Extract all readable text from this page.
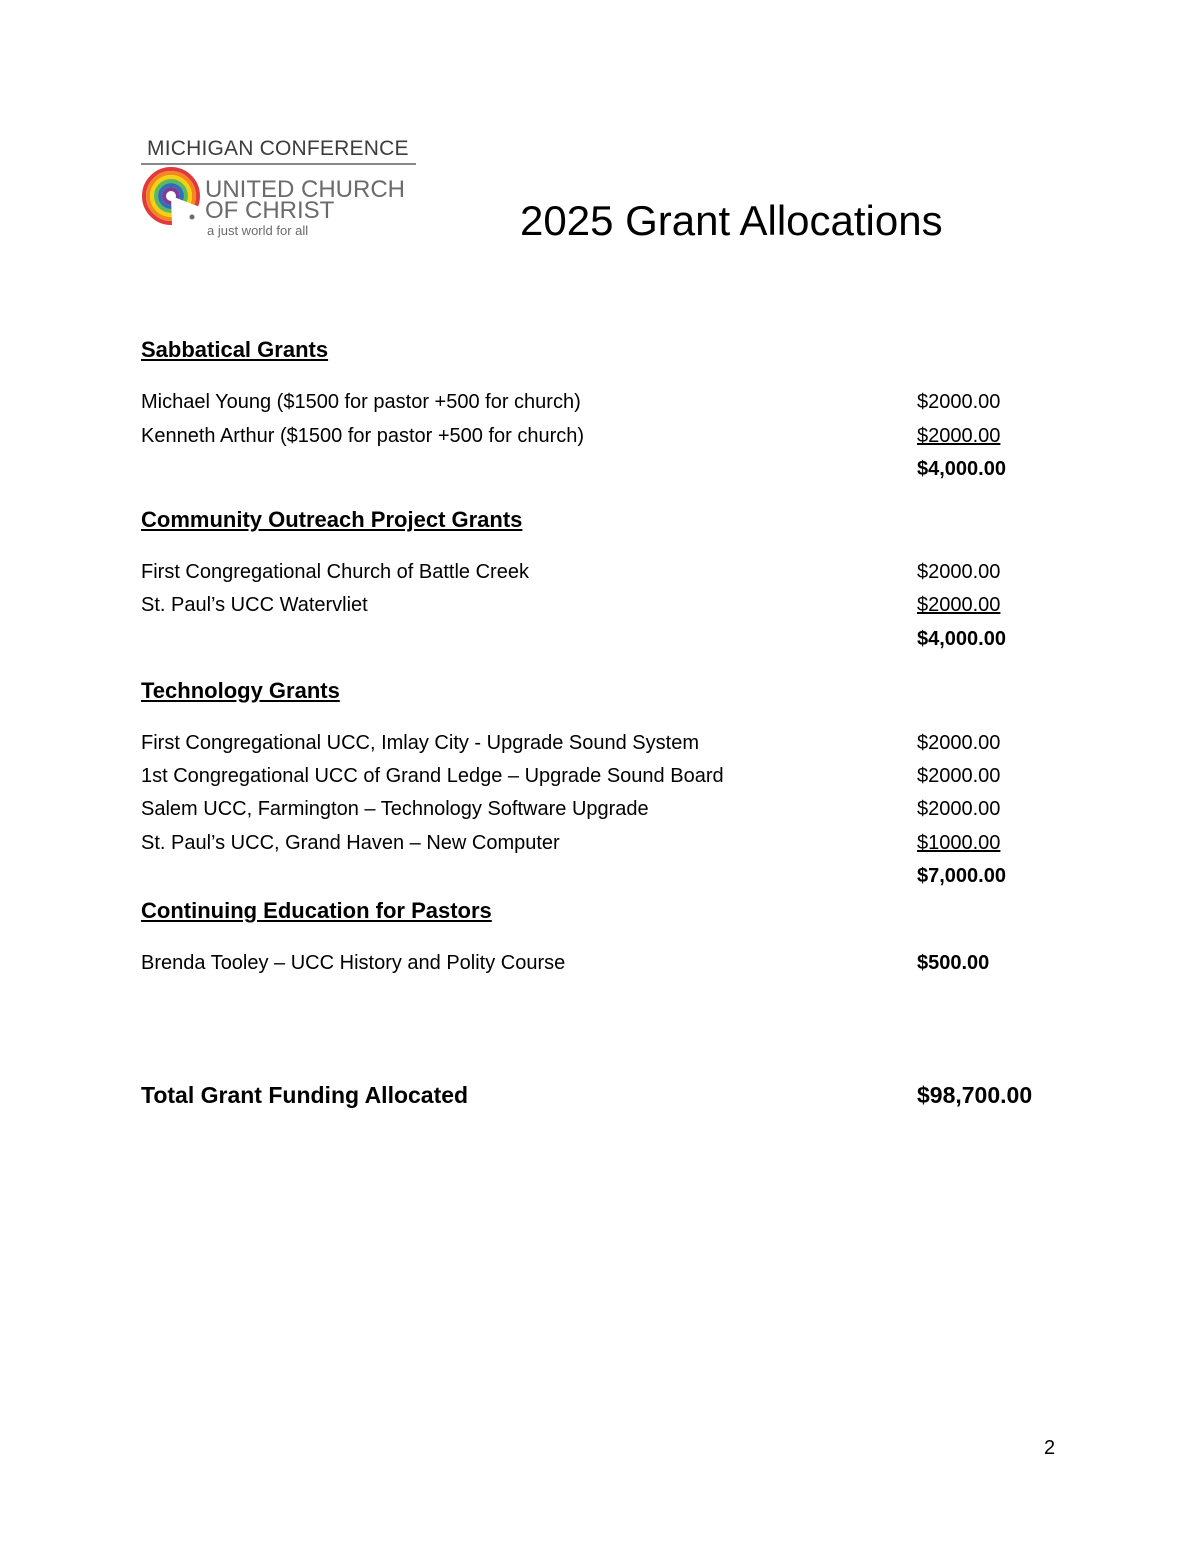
MICHIGAN CONFERENCE
UNITED CHURCH
OF CHRIST
a just world for all	2025 Grant Allocations
Sabbatical Grants
Michael Young ($1500 for pastor +500 for church)	$2000.00
Kenneth Arthur ($1500 for pastor +500 for church)	$2000.00
$4,000.00
Community Outreach Project Grants
First Congregational Church of Battle Creek	$2000.00
St. Paul’s UCC Watervliet	$2000.00
$4,000.00
Technology Grants
First Congregational UCC, Imlay City - Upgrade Sound System	$2000.00
1st Congregational UCC of Grand Ledge – Upgrade Sound Board	$2000.00
Salem UCC, Farmington – Technology Software Upgrade	$2000.00
St. Paul’s UCC, Grand Haven – New Computer	$1000.00
$7,000.00
Continuing Education for Pastors
Brenda Tooley – UCC History and Polity Course	$500.00
Total Grant Funding Allocated	$98,700.00
2
